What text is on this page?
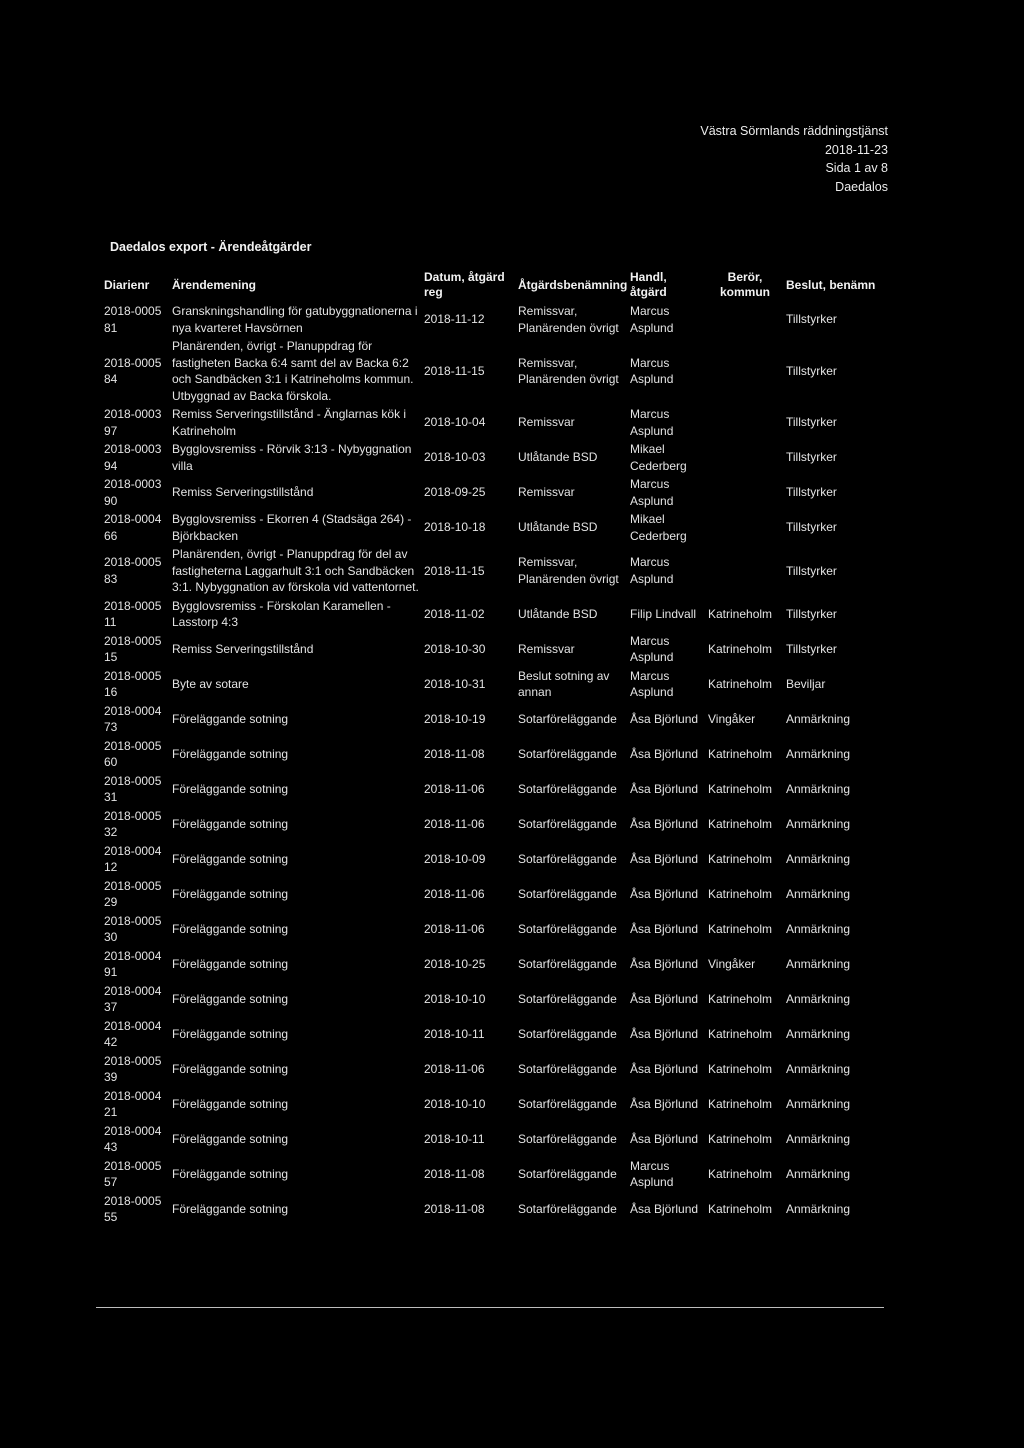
Västra Sörmlands räddningstjänst
2018-11-23
Sida 1 av 8
Daedalos
Daedalos export - Ärendeåtgärder
Diarienr	Ärendemening	Datum, åtgärd reg	Åtgärdsbenämning	Handl, åtgärd	Berör, kommun	Beslut, benämn
2018-0005 81	Granskningshandling för gatubyggnationerna i nya kvarteret Havsörnen	2018-11-12	Remissvar, Planärenden övrigt	Marcus Asplund		Tillstyrker
2018-0005 84	Planärenden, övrigt - Planuppdrag för fastigheten Backa 6:4 samt del av Backa 6:2 och Sandbäcken 3:1 i Katrineholms kommun. Utbyggnad av Backa förskola.	2018-11-15	Remissvar, Planärenden övrigt	Marcus Asplund		Tillstyrker
2018-0003 97	Remiss Serveringstillstånd - Änglarnas kök i Katrineholm	2018-10-04	Remissvar	Marcus Asplund		Tillstyrker
2018-0003 94	Bygglovsremiss - Rörvik 3:13 - Nybyggnation villa	2018-10-03	Utlåtande BSD	Mikael Cederberg		Tillstyrker
2018-0003 90	Remiss Serveringstillstånd	2018-09-25	Remissvar	Marcus Asplund		Tillstyrker
2018-0004 66	Bygglovsremiss - Ekorren 4 (Stadsäga 264) -Björkbacken	2018-10-18	Utlåtande BSD	Mikael Cederberg		Tillstyrker
2018-0005 83	Planärenden, övrigt - Planuppdrag för del av fastigheterna Laggarhult 3:1 och Sandbäcken 3:1. Nybyggnation av förskola vid vattentornet.	2018-11-15	Remissvar, Planärenden övrigt	Marcus Asplund		Tillstyrker
2018-0005 11	Bygglovsremiss - Förskolan Karamellen - Lasstorp 4:3	2018-11-02	Utlåtande BSD	Filip Lindvall	Katrineholm	Tillstyrker
2018-0005 15	Remiss Serveringstillstånd	2018-10-30	Remissvar	Marcus Asplund	Katrineholm	Tillstyrker
2018-0005 16	Byte av sotare	2018-10-31	Beslut sotning av annan	Marcus Asplund	Katrineholm	Beviljar
2018-0004 73	Föreläggande sotning	2018-10-19	Sotarföreläggande	Åsa Björlund	Vingåker	Anmärkning
2018-0005 60	Föreläggande sotning	2018-11-08	Sotarföreläggande	Åsa Björlund	Katrineholm	Anmärkning
2018-0005 31	Föreläggande sotning	2018-11-06	Sotarföreläggande	Åsa Björlund	Katrineholm	Anmärkning
2018-0005 32	Föreläggande sotning	2018-11-06	Sotarföreläggande	Åsa Björlund	Katrineholm	Anmärkning
2018-0004 12	Föreläggande sotning	2018-10-09	Sotarföreläggande	Åsa Björlund	Katrineholm	Anmärkning
2018-0005 29	Föreläggande sotning	2018-11-06	Sotarföreläggande	Åsa Björlund	Katrineholm	Anmärkning
2018-0005 30	Föreläggande sotning	2018-11-06	Sotarföreläggande	Åsa Björlund	Katrineholm	Anmärkning
2018-0004 91	Föreläggande sotning	2018-10-25	Sotarföreläggande	Åsa Björlund	Vingåker	Anmärkning
2018-0004 37	Föreläggande sotning	2018-10-10	Sotarföreläggande	Åsa Björlund	Katrineholm	Anmärkning
2018-0004 42	Föreläggande sotning	2018-10-11	Sotarföreläggande	Åsa Björlund	Katrineholm	Anmärkning
2018-0005 39	Föreläggande sotning	2018-11-06	Sotarföreläggande	Åsa Björlund	Katrineholm	Anmärkning
2018-0004 21	Föreläggande sotning	2018-10-10	Sotarföreläggande	Åsa Björlund	Katrineholm	Anmärkning
2018-0004 43	Föreläggande sotning	2018-10-11	Sotarföreläggande	Åsa Björlund	Katrineholm	Anmärkning
2018-0005 57	Föreläggande sotning	2018-11-08	Sotarföreläggande	Marcus Asplund	Katrineholm	Anmärkning
2018-0005 55	Föreläggande sotning	2018-11-08	Sotarföreläggande	Åsa Björlund	Katrineholm	Anmärkning
